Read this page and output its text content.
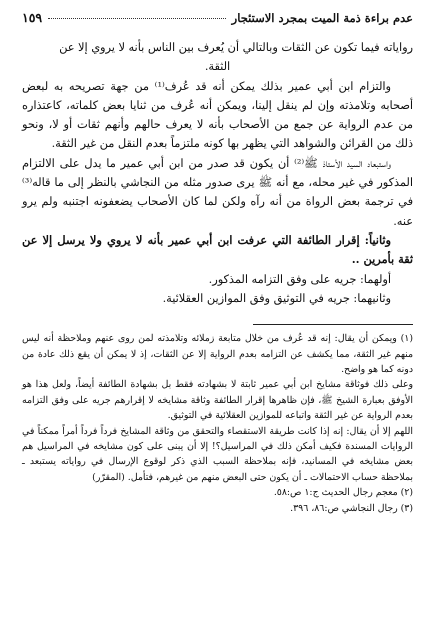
عدم براءة ذمة الميت بمجرد الاستئجار
١٥٩

رواياته فيما تكون عن الثقات وبالتالي أن يُعرف بين الناس بأنه لا يروي إلا عن

الثقة.

والتزام ابن أبي عمير بذلك يمكن أنه قد عُرف⁽¹⁾ من جهة تصريحه به لبعض أصحابه وتلامذته وإن لم ينقل إلينا، ويمكن أنه عُرف من ثنايا بعض كلماته، كاعتذاره من عدم الرواية عن جمع من الأصحاب بأنه لا يعرف حالهم وأنهم ثقات أو لا، ونحو ذلك من القرائن والشواهد التي يظهر بها كونه ملتزماً بعدم النقل من غير الثقة.

واستبعاد السيد الأستاذ ﷺ⁽²⁾ أن يكون قد صدر من ابن أبي عمير ما يدل على الالتزام المذكور في غير محله، مع أنه ﷺ يرى صدور مثله من النجاشي بالنظر إلى ما قاله⁽³⁾ في ترجمة بعض الرواة من أنه رآه ولكن لما كان الأصحاب يضعفونه اجتنبه ولم يرو عنه.

وثانياً: إقرار الطائفة التي عرفت ابن أبي عمير بأنه لا يروي ولا يرسل إلا عن ثقة بأمرين ..

أولهما: جريه على وفق التزامه المذكور.

وثانيهما: جريه في التوثيق وفق الموازين العقلائية.

(١) ويمكن أن يقال: إنه قد عُرف من خلال متابعة زملائه وتلامذته لمن روى عنهم وملاحظة أنه ليس منهم غير الثقة، مما يكشف عن التزامه بعدم الرواية إلا عن الثقات، إذ لا يمكن أن يقع ذلك عادة من دونه كما هو واضح.

وعلى ذلك فوثاقة مشايخ ابن أبي عمير ثابتة لا بشهادته فقط بل بشهادة الطائفة أيضاً، ولعل هذا هو الأوفق بعبارة الشيخ ﷺ، فإن ظاهرها إقرار الطائفة وثاقة مشايخه لا إقرارهم جريه على وفق التزامه بعدم الرواية عن غير الثقة واتباعه للموازين العقلائية في التوثيق.

اللهم إلا أن يقال: إنه إذا كانت طريقة الاستقصاء والتحقق من وثاقة المشايخ فرداً فرداً أمراً ممكناً في الروايات المسندة فكيف أمكن ذلك في المراسيل؟! إلا أن يبنى على كون مشايخه في المراسيل هم بعض مشايخه في المسانيد، فإنه بملاحظة السبب الذي ذكر لوقوع الإرسال في رواياته يستبعد ـ بملاحظة حساب الاحتمالات ـ أن يكون حتى البعض منهم من غيرهم، فتأمل. (المقرّر)

(٢) معجم رجال الحديث ج:١ ص:٥٨.

(٣) رجال النجاشي ص:٨٦، ٣٩٦.
